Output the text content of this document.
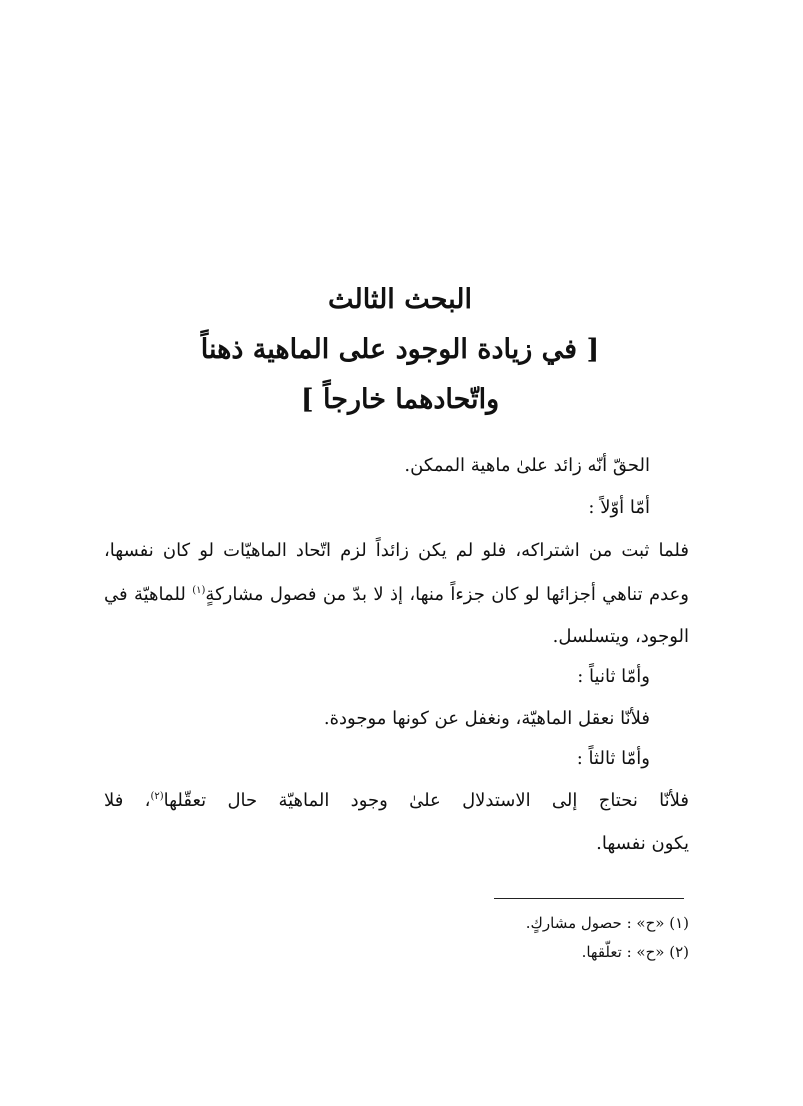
البحث الثالث
[ في زيادة الوجود على الماهية ذهناً
واتّحادهما خارجاً ]
الحقّ أنّه زائد علىٰ ماهية الممكن.
أمّا أوّلاً :
فلما ثبت من اشتراكه، فلو لم يكن زائداً لزم اتّحاد الماهيّات لو كان نفسها،
وعدم تناهي أجزائها لو كان جزءاً منها، إذ لا بدّ من فصول مشاركةٍ$^{(١)}$ للماهيّة في
الوجود، ويتسلسل.
وأمّا ثانياً :
فلأنّا نعقل الماهيّة، ونغفل عن كونها موجودة.
وأمّا ثالثاً :
فلأنّا نحتاج إلى الاستدلال علىٰ وجود الماهيّة حال تعقّلها$^{(٢)}$، فلا
يكون نفسها.
(١) «ح» : حصول مشاركٍ.
(٢) «ح» : تعلّقها.
